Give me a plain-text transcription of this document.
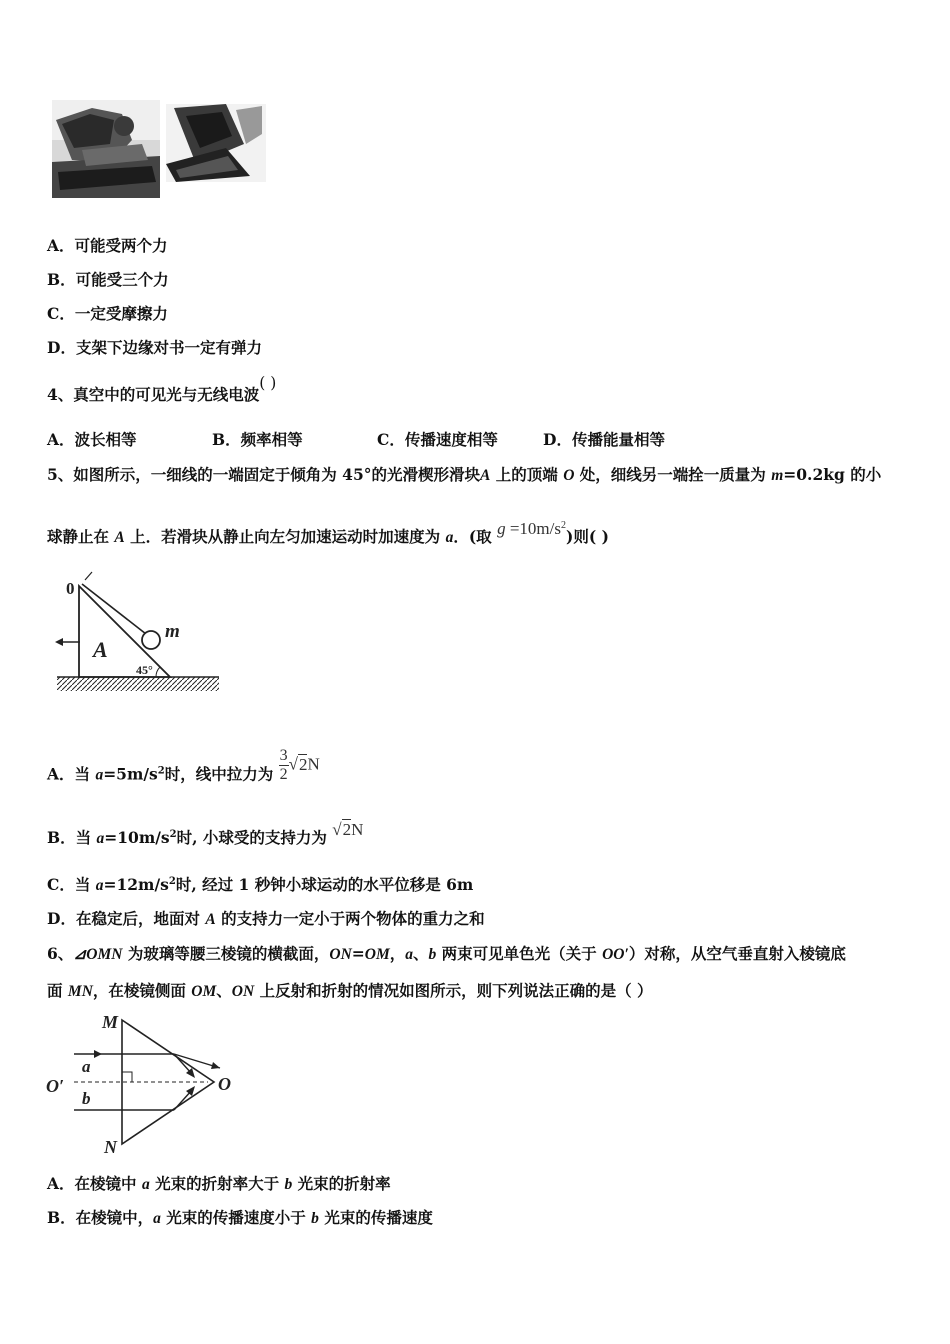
A．可能受两个力
B．可能受三个力
C．一定受摩擦力
D．支架下边缘对书一定有弹力
4、真空中的可见光与无线电波( )
A．波长相等	B．频率相等	C．传播速度相等	D．传播能量相等
5、如图所示，一细线的一端固定于倾角为 45°的光滑楔形滑块A 上的顶端 O 处，细线另一端拴一质量为 m=0.2kg 的小
球静止在 A 上．若滑块从静止向左匀加速运动时加速度为 a．(取 $g =10m/s^2$)则( )
0
A
m
45°
A．当 $a=5m/s^2$时，线中拉力为 $\frac{3}{2} √2N$
B．当 $a=10m/s^2$时, 小球受的支持力为 √2N
C．当 $a=12m/s^2$时, 经过 1 秒钟小球运动的水平位移是 6m
D．在稳定后，地面对 A 的支持力一定小于两个物体的重力之和
6、⊿OMN 为玻璃等腰三棱镜的横截面，ON=OM，a、b 两束可见单色光（关于 OO′）对称，从空气垂直射入棱镜底
面 MN，在棱镜侧面 OM、ON 上反射和折射的情况如图所示，则下列说法正确的是（ ）
M
N
O
O′
a
b
A．在棱镜中 a 光束的折射率大于 b 光束的折射率
B．在棱镜中，a 光束的传播速度小于 b 光束的传播速度
